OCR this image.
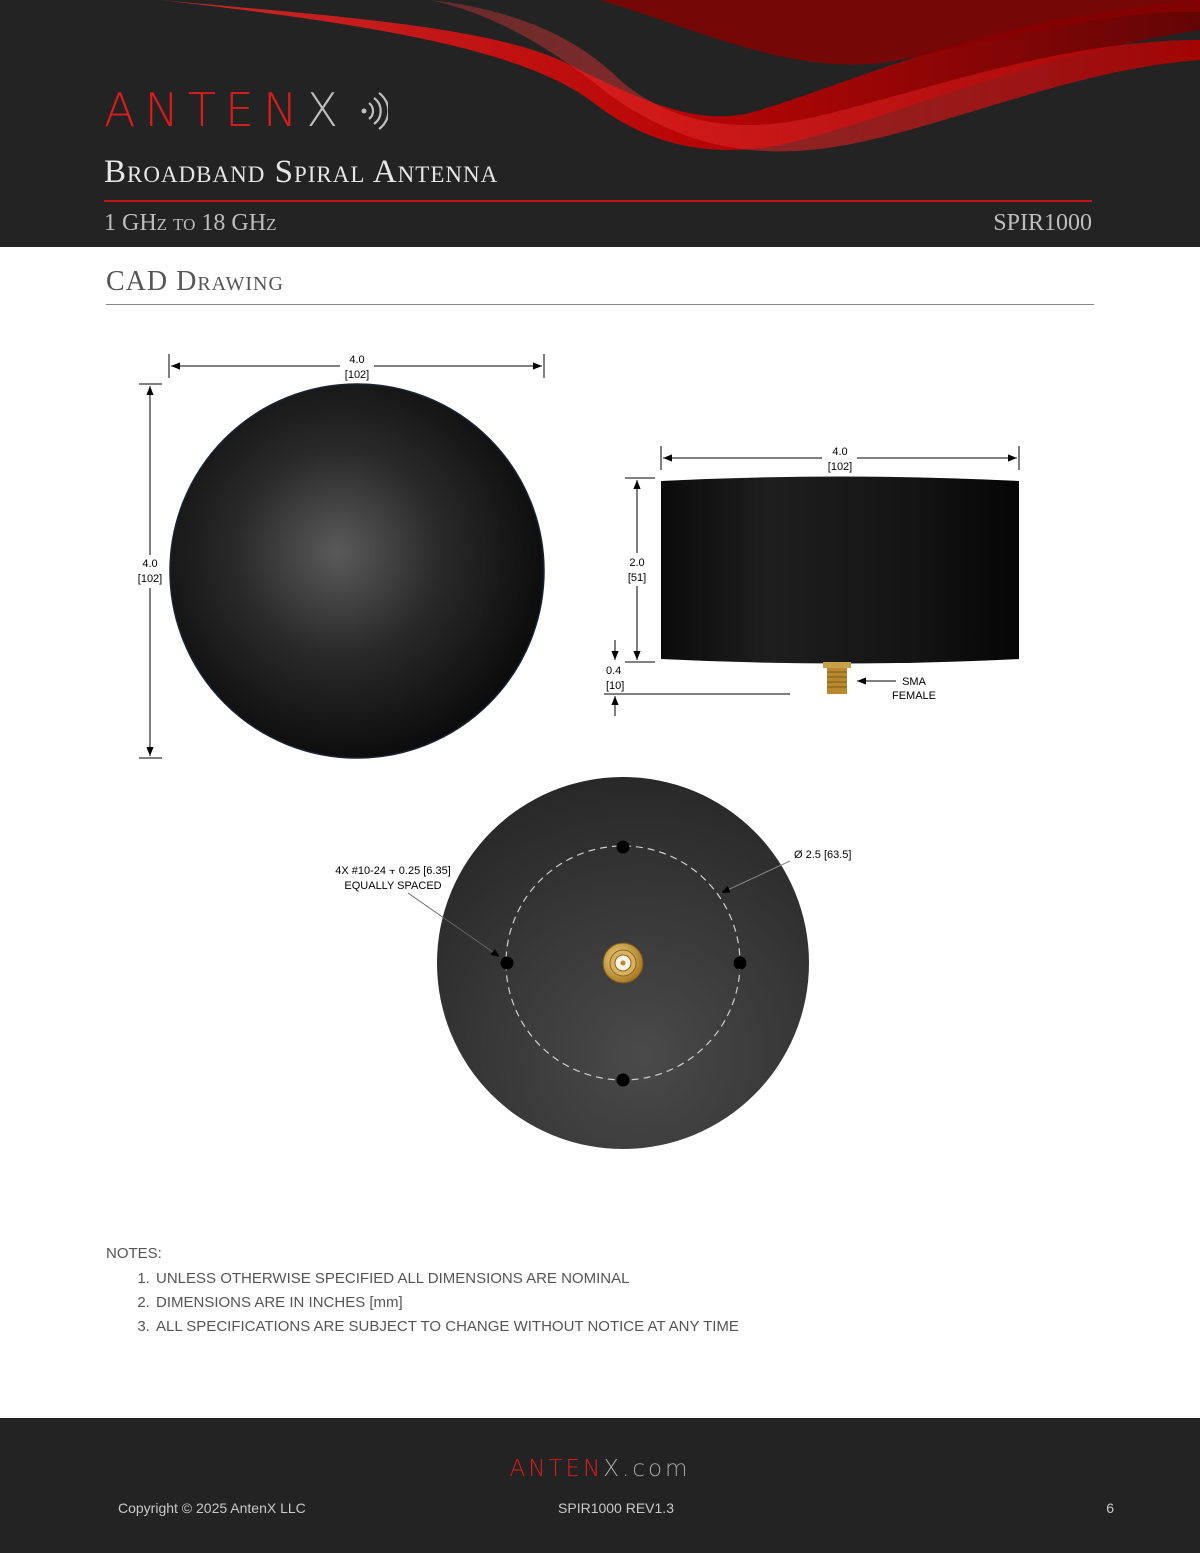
ANTENX
Broadband Spiral Antenna
1 GHz to 18 GHz	SPIR1000
CAD Drawing
4.0
[102]
4.0
[102]
4.0
[102]
2.0
[51]
0.4
[10]	SMA
FEMALE
4X #10-24 ⫟ 0.25 [6.35]
EQUALLY SPACED
Ø 2.5 [63.5]
NOTES:
1. UNLESS OTHERWISE SPECIFIED ALL DIMENSIONS ARE NOMINAL
2. DIMENSIONS ARE IN INCHES [mm]
3. ALL SPECIFICATIONS ARE SUBJECT TO CHANGE WITHOUT NOTICE AT ANY TIME
ANTENX.com
Copyright © 2025 AntenX LLC	SPIR1000 REV1.3	6
